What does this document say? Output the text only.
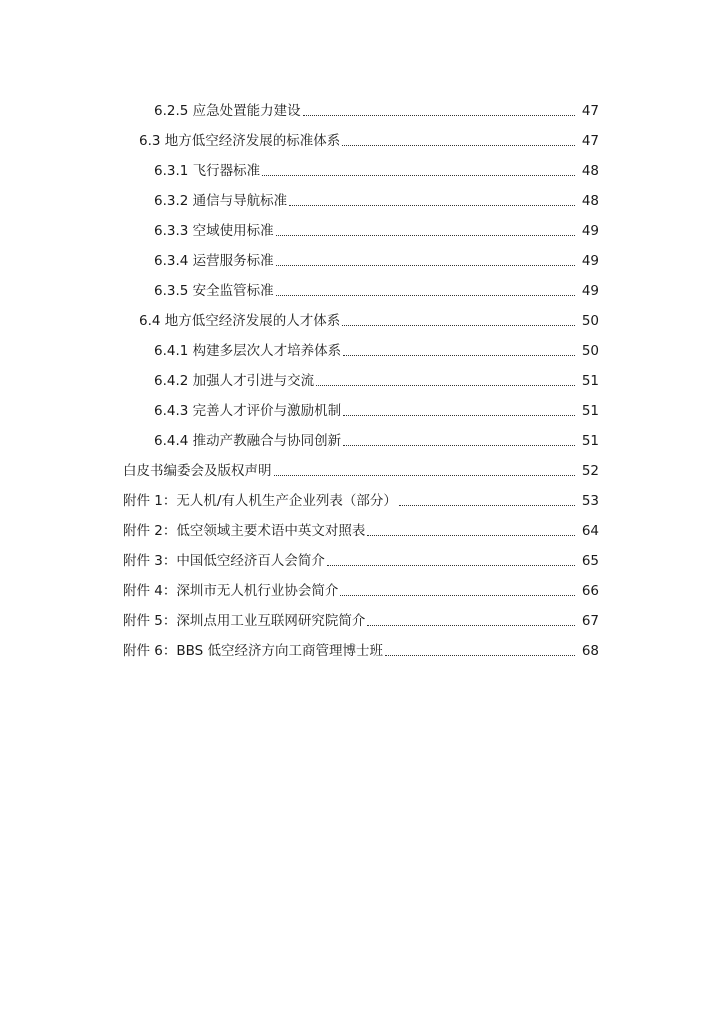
6.2.5 应急处置能力建设	47
6.3 地方低空经济发展的标准体系	47
6.3.1 飞行器标准	48
6.3.2 通信与导航标准	48
6.3.3 空域使用标准	49
6.3.4 运营服务标准	49
6.3.5 安全监管标准	49
6.4 地方低空经济发展的人才体系	50
6.4.1 构建多层次人才培养体系	50
6.4.2 加强人才引进与交流	51
6.4.3 完善人才评价与激励机制	51
6.4.4 推动产教融合与协同创新	51
白皮书编委会及版权声明	52
附件 1：无人机/有人机生产企业列表（部分）	53
附件 2：低空领域主要术语中英文对照表	64
附件 3：中国低空经济百人会简介	65
附件 4：深圳市无人机行业协会简介	66
附件 5：深圳点用工业互联网研究院简介	67
附件 6：BBS 低空经济方向工商管理博士班	68
